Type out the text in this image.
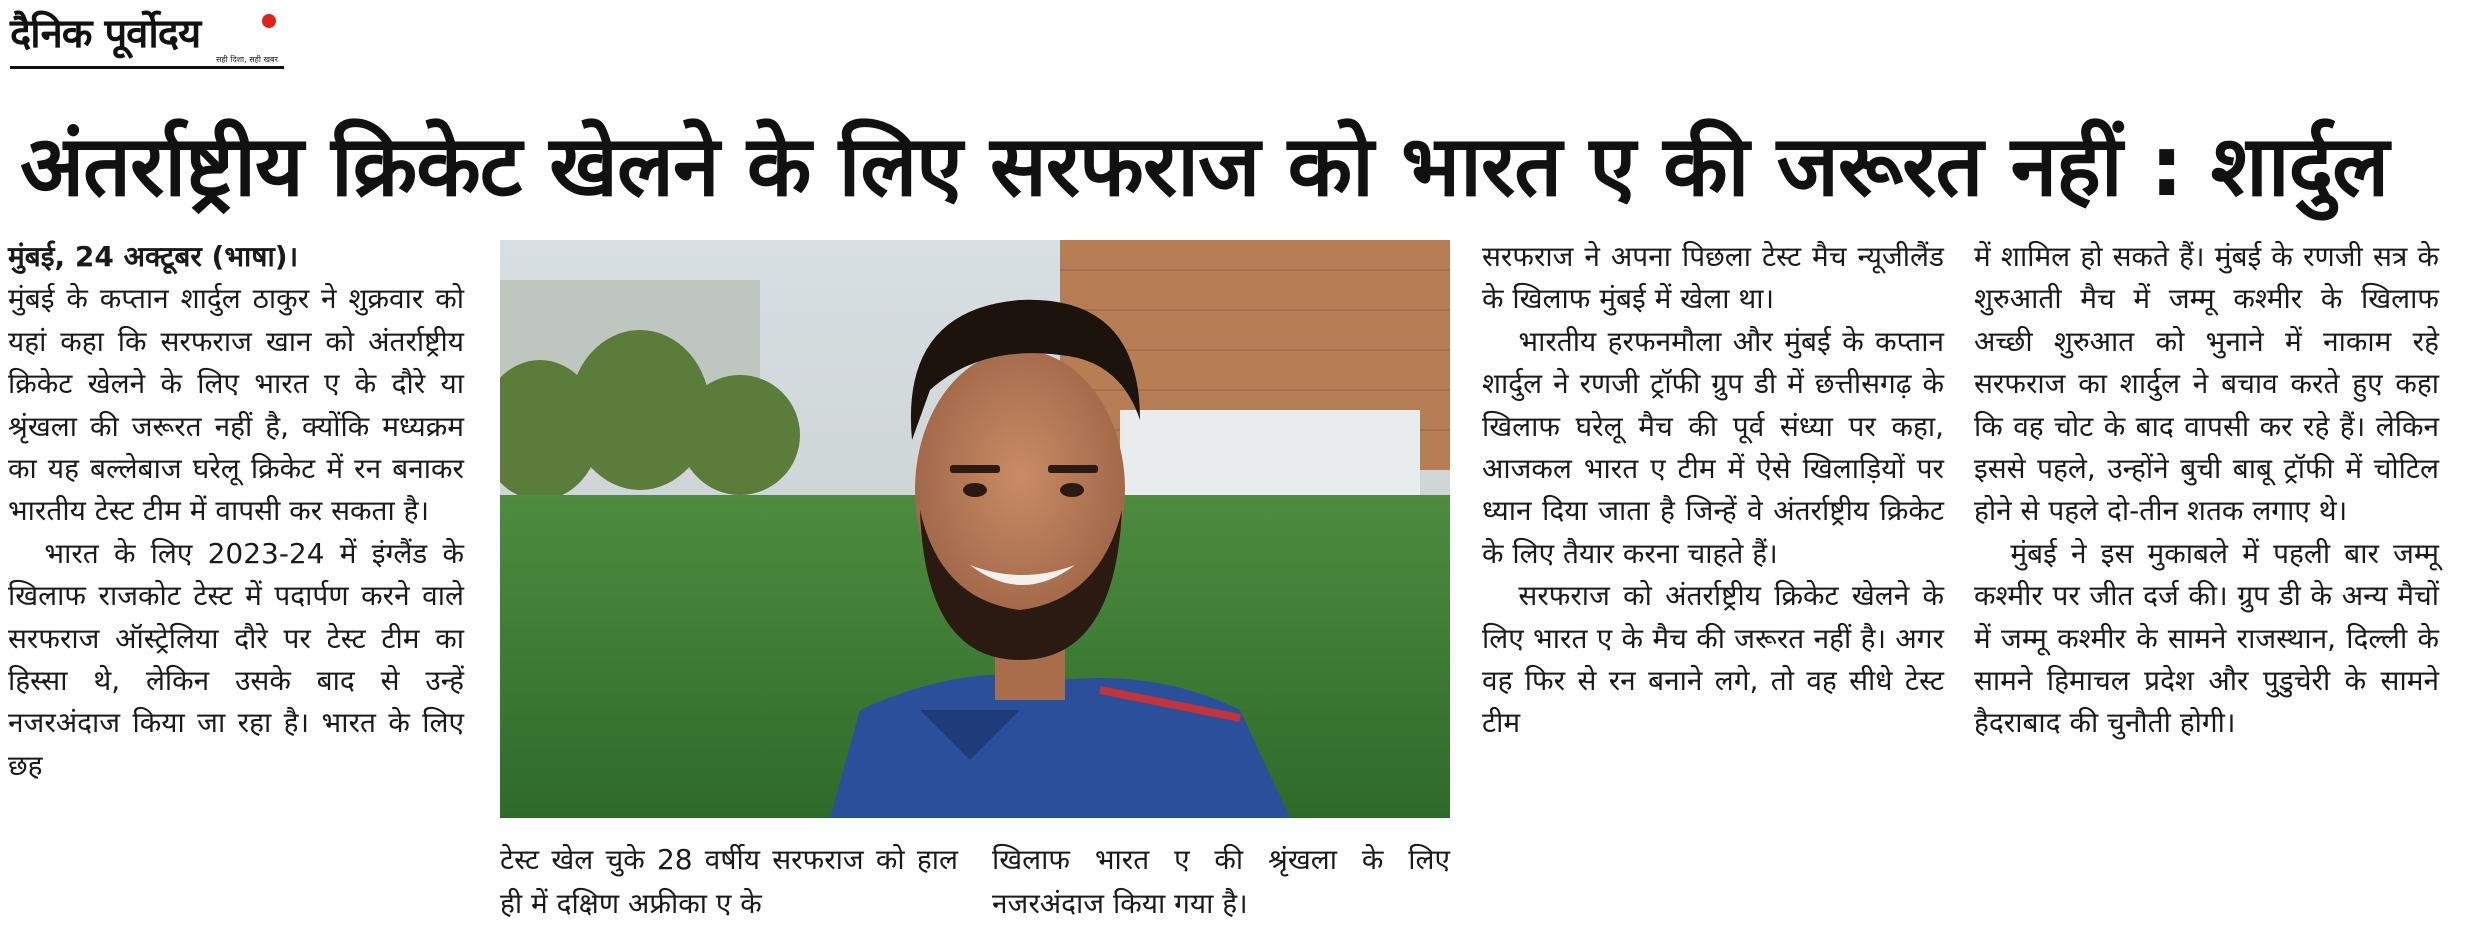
दैनिक पूर्वोदय
सही दिशा, सही खबर
अंतर्राष्ट्रीय क्रिकेट खेलने के लिए सरफराज को भारत ए की जरूरत नहीं : शार्दुल

मुंबई, 24 अक्टूबर (भाषा)।

मुंबई के कप्तान शार्दुल ठाकुर ने शुक्रवार को यहां कहा कि सरफराज खान को अंतर्राष्ट्रीय क्रिकेट खेलने के लिए भारत ए के दौरे या श्रृंखला की जरूरत नहीं है, क्योंकि मध्यक्रम का यह बल्लेबाज घरेलू क्रिकेट में रन बनाकर भारतीय टेस्ट टीम में वापसी कर सकता है।

भारत के लिए 2023-24 में इंग्लैंड के खिलाफ राजकोट टेस्ट में पदार्पण करने वाले सरफराज ऑस्ट्रेलिया दौरे पर टेस्ट टीम का हिस्सा थे, लेकिन उसके बाद से उन्हें नजरअंदाज किया जा रहा है। भारत के लिए छह

टेस्ट खेल चुके 28 वर्षीय सरफराज को हाल ही में दक्षिण अफ्रीका ए के
खिलाफ भारत ए की श्रृंखला के लिए नजरअंदाज किया गया है।

सरफराज ने अपना पिछला टेस्ट मैच न्यूजीलैंड के खिलाफ मुंबई में खेला था।

भारतीय हरफनमौला और मुंबई के कप्तान शार्दुल ने रणजी ट्रॉफी ग्रुप डी में छत्तीसगढ़ के खिलाफ घरेलू मैच की पूर्व संध्या पर कहा, आजकल भारत ए टीम में ऐसे खिलाड़ियों पर ध्यान दिया जाता है जिन्हें वे अंतर्राष्ट्रीय क्रिकेट के लिए तैयार करना चाहते हैं।

सरफराज को अंतर्राष्ट्रीय क्रिकेट खेलने के लिए भारत ए के मैच की जरूरत नहीं है। अगर वह फिर से रन बनाने लगे, तो वह सीधे टेस्ट टीम

में शामिल हो सकते हैं। मुंबई के रणजी सत्र के शुरुआती मैच में जम्मू कश्मीर के खिलाफ अच्छी शुरुआत को भुनाने में नाकाम रहे सरफराज का शार्दुल ने बचाव करते हुए कहा कि वह चोट के बाद वापसी कर रहे हैं। लेकिन इससे पहले, उन्होंने बुची बाबू ट्रॉफी में चोटिल होने से पहले दो-तीन शतक लगाए थे।

मुंबई ने इस मुकाबले में पहली बार जम्मू कश्मीर पर जीत दर्ज की। ग्रुप डी के अन्य मैचों में जम्मू कश्मीर के सामने राजस्थान, दिल्ली के सामने हिमाचल प्रदेश और पुडुचेरी के सामने हैदराबाद की चुनौती होगी।
